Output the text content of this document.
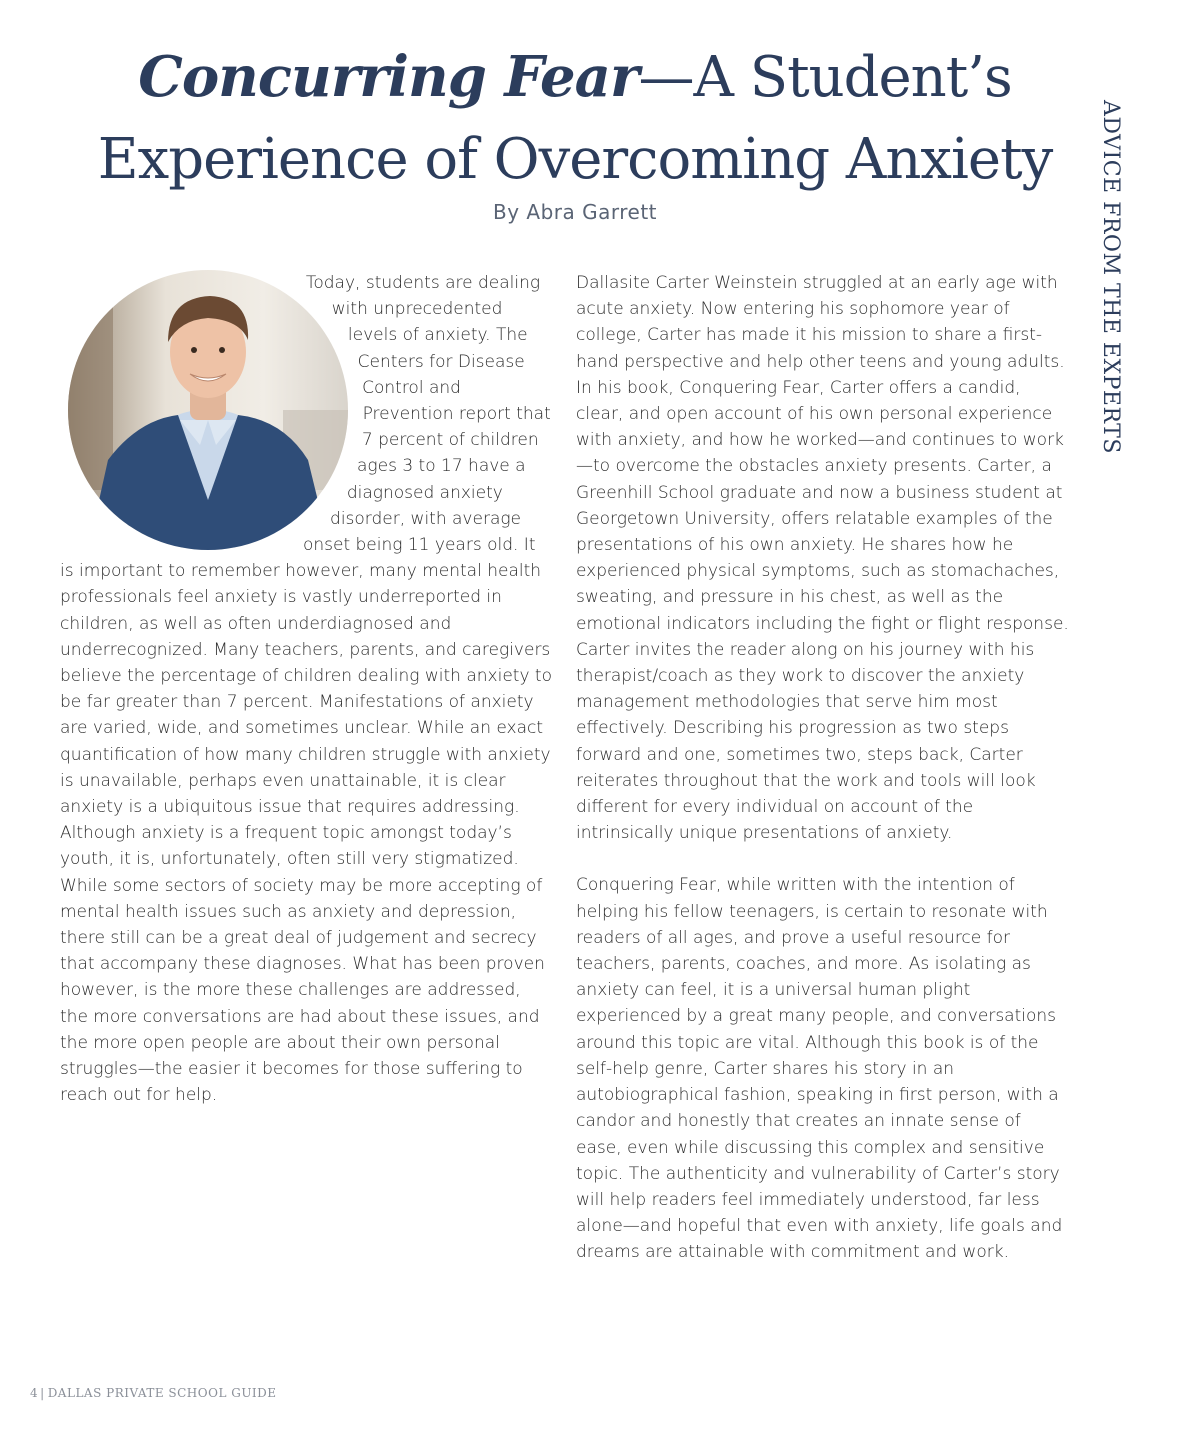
Concurring Fear—A Student’s
Experience of Overcoming Anxiety

By Abra Garrett	ADVICE FROM THE EXPERTS

Today, students are dealing with unprecedented levels of anxiety. The Centers for Disease Control and Prevention report that 7 percent of children ages 3 to 17 have a diagnosed anxiety disorder, with average onset being 11 years old. It is important to remember however, many mental health professionals feel anxiety is vastly underreported in children, as well as often underdiagnosed and underrecognized. Many teachers, parents, and caregivers believe the percentage of children dealing with anxiety to be far greater than 7 percent. Manifestations of anxiety are varied, wide, and sometimes unclear. While an exact quantification of how many children struggle with anxiety is unavailable, perhaps even unattainable, it is clear anxiety is a ubiquitous issue that requires addressing. Although anxiety is a frequent topic amongst today’s youth, it is, unfortunately, often still very stigmatized. While some sectors of society may be more accepting of mental health issues such as anxiety and depression, there still can be a great deal of judgement and secrecy that accompany these diagnoses. What has been proven however, is the more these challenges are addressed, the more conversations are had about these issues, and the more open people are about their own personal struggles—the easier it becomes for those suffering to reach out for help.

Dallasite Carter Weinstein struggled at an early age with acute anxiety. Now entering his sophomore year of college, Carter has made it his mission to share a first-hand perspective and help other teens and young adults. In his book, Conquering Fear, Carter offers a candid, clear, and open account of his own personal experience with anxiety, and how he worked—and continues to work—to overcome the obstacles anxiety presents. Carter, a Greenhill School graduate and now a business student at Georgetown University, offers relatable examples of the presentations of his own anxiety. He shares how he experienced physical symptoms, such as stomachaches, sweating, and pressure in his chest, as well as the emotional indicators including the fight or flight response. Carter invites the reader along on his journey with his therapist/coach as they work to discover the anxiety management methodologies that serve him most effectively. Describing his progression as two steps forward and one, sometimes two, steps back, Carter reiterates throughout that the work and tools will look different for every individual on account of the intrinsically unique presentations of anxiety.

Conquering Fear, while written with the intention of helping his fellow teenagers, is certain to resonate with readers of all ages, and prove a useful resource for teachers, parents, coaches, and more. As isolating as anxiety can feel, it is a universal human plight experienced by a great many people, and conversations around this topic are vital. Although this book is of the self-help genre, Carter shares his story in an autobiographical fashion, speaking in first person, with a candor and honestly that creates an innate sense of ease, even while discussing this complex and sensitive topic. The authenticity and vulnerability of Carter’s story will help readers feel immediately understood, far less alone—and hopeful that even with anxiety, life goals and dreams are attainable with commitment and work.

4 | DALLAS PRIVATE SCHOOL GUIDE
